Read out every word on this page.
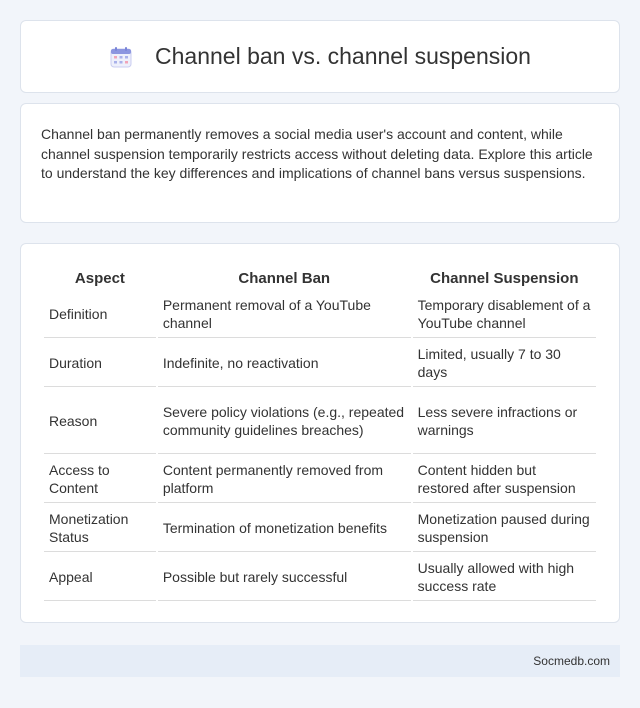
Channel ban vs. channel suspension

Channel ban permanently removes a social media user's account and content, while channel suspension temporarily restricts access without deleting data. Explore this article to understand the key differences and implications of channel bans versus suspensions.

Aspect	Channel Ban	Channel Suspension
Definition	Permanent removal of a YouTube channel	Temporary disablement of a YouTube channel
Duration	Indefinite, no reactivation	Limited, usually 7 to 30 days
Reason	Severe policy violations (e.g., repeated community guidelines breaches)	Less severe infractions or warnings
Access to Content	Content permanently removed from platform	Content hidden but restored after suspension
Monetization Status	Termination of monetization benefits	Monetization paused during suspension
Appeal	Possible but rarely successful	Usually allowed with high success rate
Socmedb.com
